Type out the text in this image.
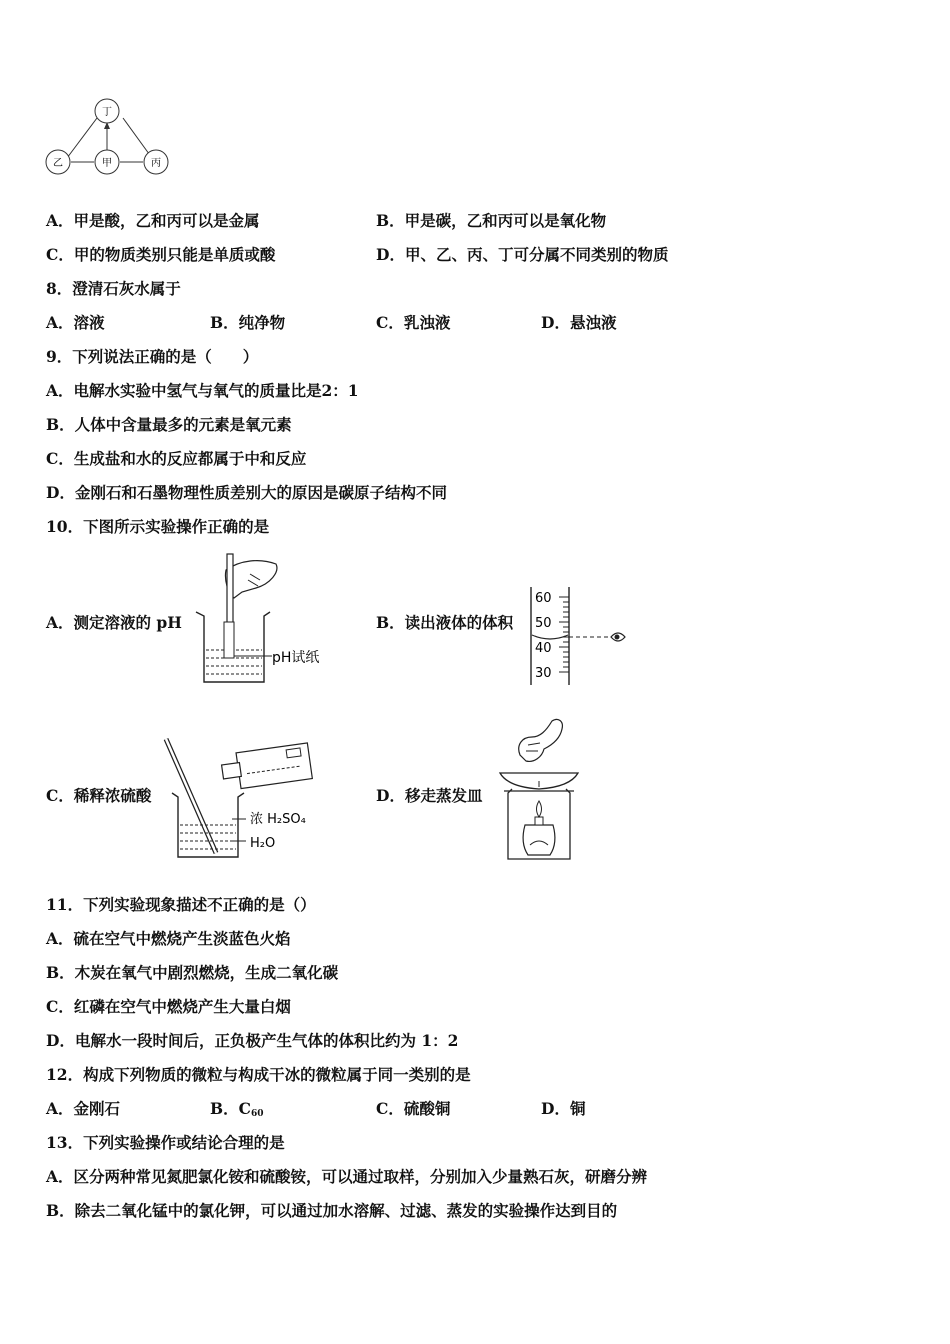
丁
乙	甲	丙
A．甲是酸，乙和丙可以是金属	B．甲是碳，乙和丙可以是氧化物
C．甲的物质类别只能是单质或酸	D．甲、乙、丙、丁可分属不同类别的物质
8．澄清石灰水属于
A．溶液	B．纯净物	C．乳浊液	D．悬浊液
9．下列说法正确的是（　　）
A．电解水实验中氢气与氧气的质量比是2：1
B．人体中含量最多的元素是氧元素
C．生成盐和水的反应都属于中和反应
D．金刚石和石墨物理性质差别大的原因是碳原子结构不同
10．下图所示实验操作正确的是
A．测定溶液的 pH
pH试纸
B．读出液体的体积
60
50
40
30
C．稀释浓硫酸
浓 H₂SO₄
H₂O
D．移走蒸发皿
11．下列实验现象描述不正确的是（）
A．硫在空气中燃烧产生淡蓝色火焰
B．木炭在氧气中剧烈燃烧，生成二氧化碳
C．红磷在空气中燃烧产生大量白烟
D．电解水一段时间后，正负极产生气体的体积比约为 1：2
12．构成下列物质的微粒与构成干冰的微粒属于同一类别的是
A．金刚石	B．$C_{60}$	C．硫酸铜	D．铜
13．下列实验操作或结论合理的是
A．区分两种常见氮肥氯化铵和硫酸铵，可以通过取样，分别加入少量熟石灰，研磨分辨
B．除去二氧化锰中的氯化钾，可以通过加水溶解、过滤、蒸发的实验操作达到目的
